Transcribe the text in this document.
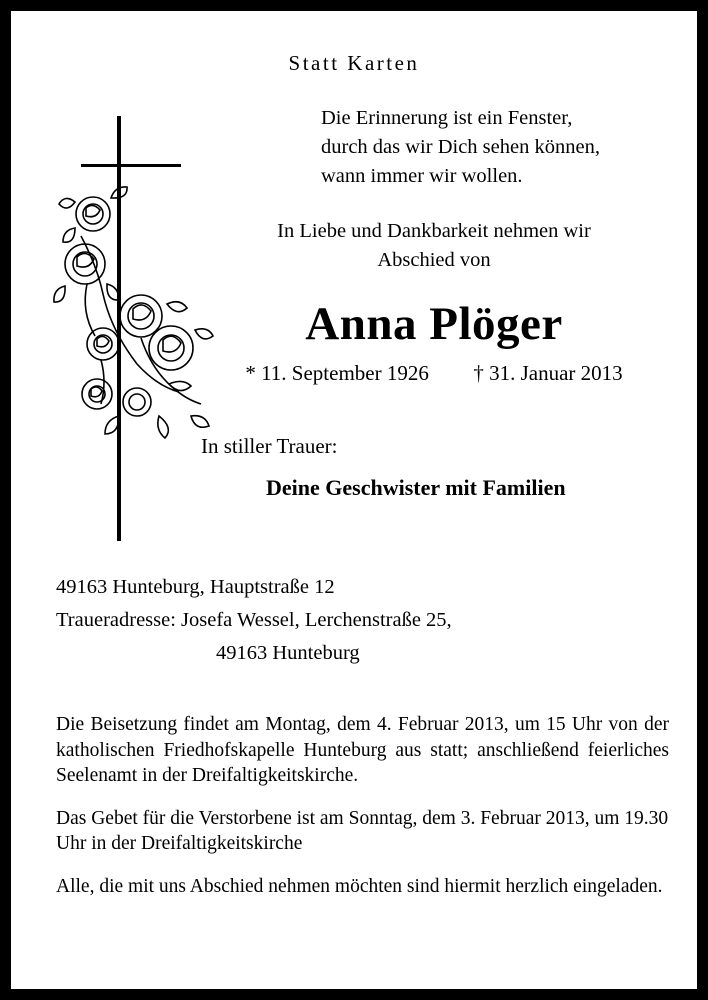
Statt Karten
Die Erinnerung ist ein Fenster,
durch das wir Dich sehen können,
wann immer wir wollen.
In Liebe und Dankbarkeit nehmen wir
Abschied von
Anna Plöger
* 11. September 1926 † 31. Januar 2013
In stiller Trauer:
Deine Geschwister mit Familien
49163 Hunteburg, Hauptstraße 12
Traueradresse: Josefa Wessel, Lerchenstraße 25,
49163 Hunteburg

Die Beisetzung findet am Montag, dem 4. Februar 2013, um 15 Uhr von der katholischen Friedhofskapelle Hunteburg aus statt; anschließend feierliches Seelenamt in der Dreifaltigkeitskirche.

Das Gebet für die Verstorbene ist am Sonntag, dem 3. Februar 2013, um 19.30 Uhr in der Dreifaltigkeitskirche

Alle, die mit uns Abschied nehmen möchten sind hiermit herzlich eingeladen.
